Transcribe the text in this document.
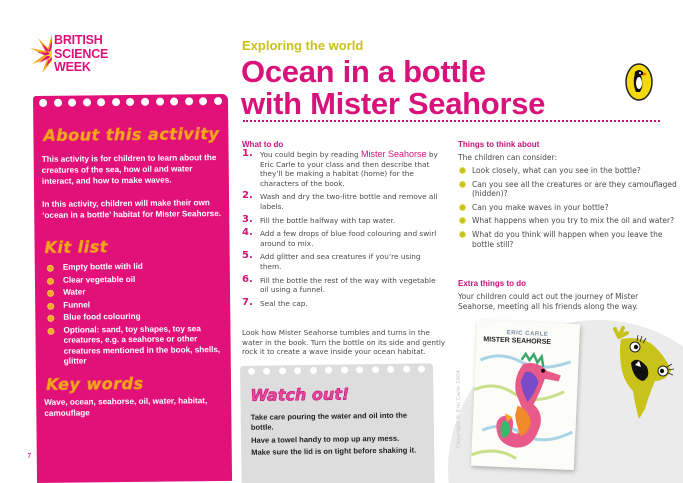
BRITISH
SCIENCE
WEEK
Exploring the world
Ocean in a bottle
with Mister Seahorse
About this activity

This activity is for children to learn about the creatures of the sea, how oil and water interact, and how to make waves.

In this activity, children will make their own ‘ocean in a bottle’ habitat for Mister Seahorse.

Kit list
Empty bottle with lid
Clear vegetable oil
Water
Funnel
Blue food colouring
Optional: sand, toy shapes, toy sea creatures, e.g. a seahorse or other creatures mentioned in the book, shells, glitter
Key words

Wave, ocean, seahorse, oil, water, habitat, camouflage

7
What to do
1. You could begin by reading Mister Seahorse by Eric Carle to your class and then describe that they’ll be making a habitat (home) for the characters of the book.
2. Wash and dry the two-litre bottle and remove all labels.
3. Fill the bottle halfway with tap water.
4. Add a few drops of blue food colouring and swirl around to mix.
5. Add glitter and sea creatures if you’re using them.
6. Fill the bottle the rest of the way with vegetable oil using a funnel.
7. Seal the cap.

Look how Mister Seahorse tumbles and turns in the water in the book. Turn the bottle on its side and gently rock it to create a wave inside your ocean habitat.

Watch out!
Take care pouring the water and oil into the bottle.
Have a towel handy to mop up any mess.
Make sure the lid is on tight before shaking it.
Things to think about
The children can consider:
Look closely, what can you see in the bottle?
Can you see all the creatures or are they camouflaged (hidden)?
Can you make waves in your bottle?
What happens when you try to mix the oil and water?
What do you think will happen when you leave the bottle still?
Extra things to do

Your children could act out the journey of Mister Seahorse, meeting all his friends along the way.

Copyright © Eric Carle 2004
ERIC CARLE
MISTER SEAHORSE
